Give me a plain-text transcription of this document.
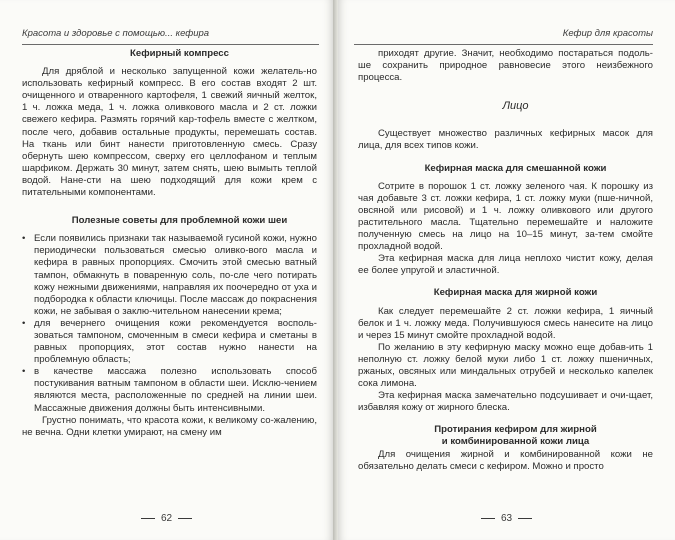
Красота и здоровье с помощью... кефира

Кефирный компресс

Для дряблой и несколько запущенной кожи желатель-но использовать кефирный компресс. В его состав входят 2 шт. очищенного и отваренного картофеля, 1 свежий яичный желток, 1 ч. ложка меда, 1 ч. ложка оливкового масла и 2 ст. ложки свежего кефира. Размять горячий кар-тофель вместе с желтком, после чего, добавив остальные продукты, перемешать состав. На ткань или бинт нанести приготовленную смесь. Сразу обернуть шею компрессом, сверху его целлофаном и теплым шарфиком. Держать 30 минут, затем снять, шею вымыть теплой водой. Нане-сти на шею подходящий для кожи крем с питательными компонентами.

Полезные советы для проблемной кожи шеи

• Если появились признаки так называемой гусиной кожи, нужно периодически пользоваться смесью оливко-вого масла и кефира в равных пропорциях. Смочить этой смесью ватный тампон, обмакнуть в поваренную соль, по-сле чего потирать кожу нежными движениями, направляя их поочередно от уха и подбородка к области ключицы. После массаж до покраснения кожи, не забывая о заклю-чительном нанесении крема;
• для вечернего очищения кожи рекомендуется восполь-зоваться тампоном, смоченным в смеси кефира и сметаны в равных пропорциях, этот состав нужно нанести на проблемную область;
• в качестве массажа полезно использовать способ постукивания ватным тампоном в области шеи. Исклю-чением являются места, расположенные по средней на линии шеи. Массажные движения должны быть интенсивными.

Грустно понимать, что красота кожи, к великому со-жалению, не вечна. Одни клетки умирают, на смену им

62
Кефир для красоты

приходят другие. Значит, необходимо постараться подоль-ше сохранить природное равновесие этого неизбежного процесса.

Лицо

Существует множество различных кефирных масок для лица, для всех типов кожи.

Кефирная маска для смешанной кожи

Сотрите в порошок 1 ст. ложку зеленого чая. К порошку из чая добавьте 3 ст. ложки кефира, 1 ст. ложку муки (пше-ничной, овсяной или рисовой) и 1 ч. ложку оливкового или другого растительного масла. Тщательно перемешайте и наложите полученную смесь на лицо на 10–15 минут, за-тем смойте прохладной водой.

Эта кефирная маска для лица неплохо чистит кожу, делая ее более упругой и эластичной.

Кефирная маска для жирной кожи

Как следует перемешайте 2 ст. ложки кефира, 1 яичный белок и 1 ч. ложку меда. Получившуюся смесь нанесите на лицо и через 15 минут смойте прохладной водой.

По желанию в эту кефирную маску можно еще добав-ить 1 неполную ст. ложку белой муки либо 1 ст. ложку пшеничных, ржаных, овсяных или миндальных отрубей и несколько капелек сока лимона.

Эта кефирная маска замечательно подсушивает и очи-щает, избавляя кожу от жирного блеска.

Протирания кефиром для жирной

и комбинированной кожи лица

Для очищения жирной и комбинированной кожи не обязательно делать смеси с кефиром. Можно и просто

63
